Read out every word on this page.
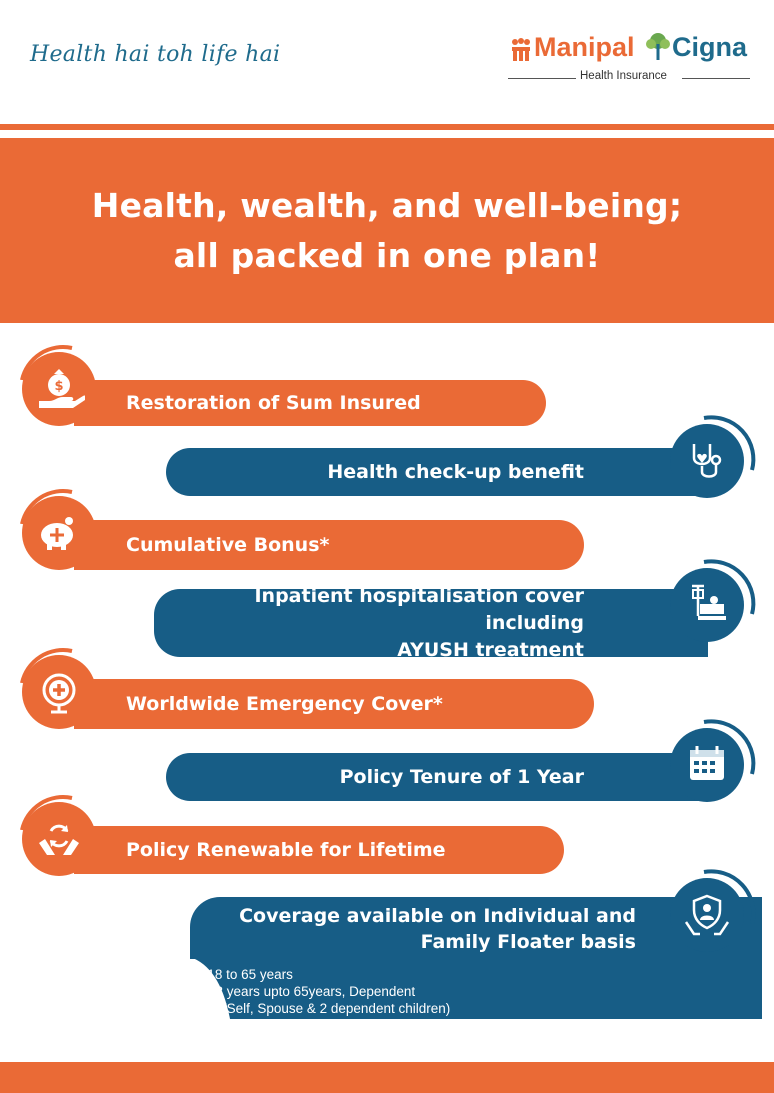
Health hai toh life hai	Manipal Cigna
Health Insurance
Health, wealth, and well-being;
all packed in one plan!
Restoration of Sum Insured
$
Health check-up benefit
Cumulative Bonus*
Inpatient hospitalisation cover including
AYUSH treatment
Worldwide Emergency Cover*
Policy Tenure of 1 Year
Policy Renewable for Lifetime
Coverage available on Individual and
Family Floater basis
• Individual: Between 18 to 65 years
• Family: Adult above 18 years upto 65years, Dependent
children upto 25 years (Self, Spouse & 2 dependent children)
